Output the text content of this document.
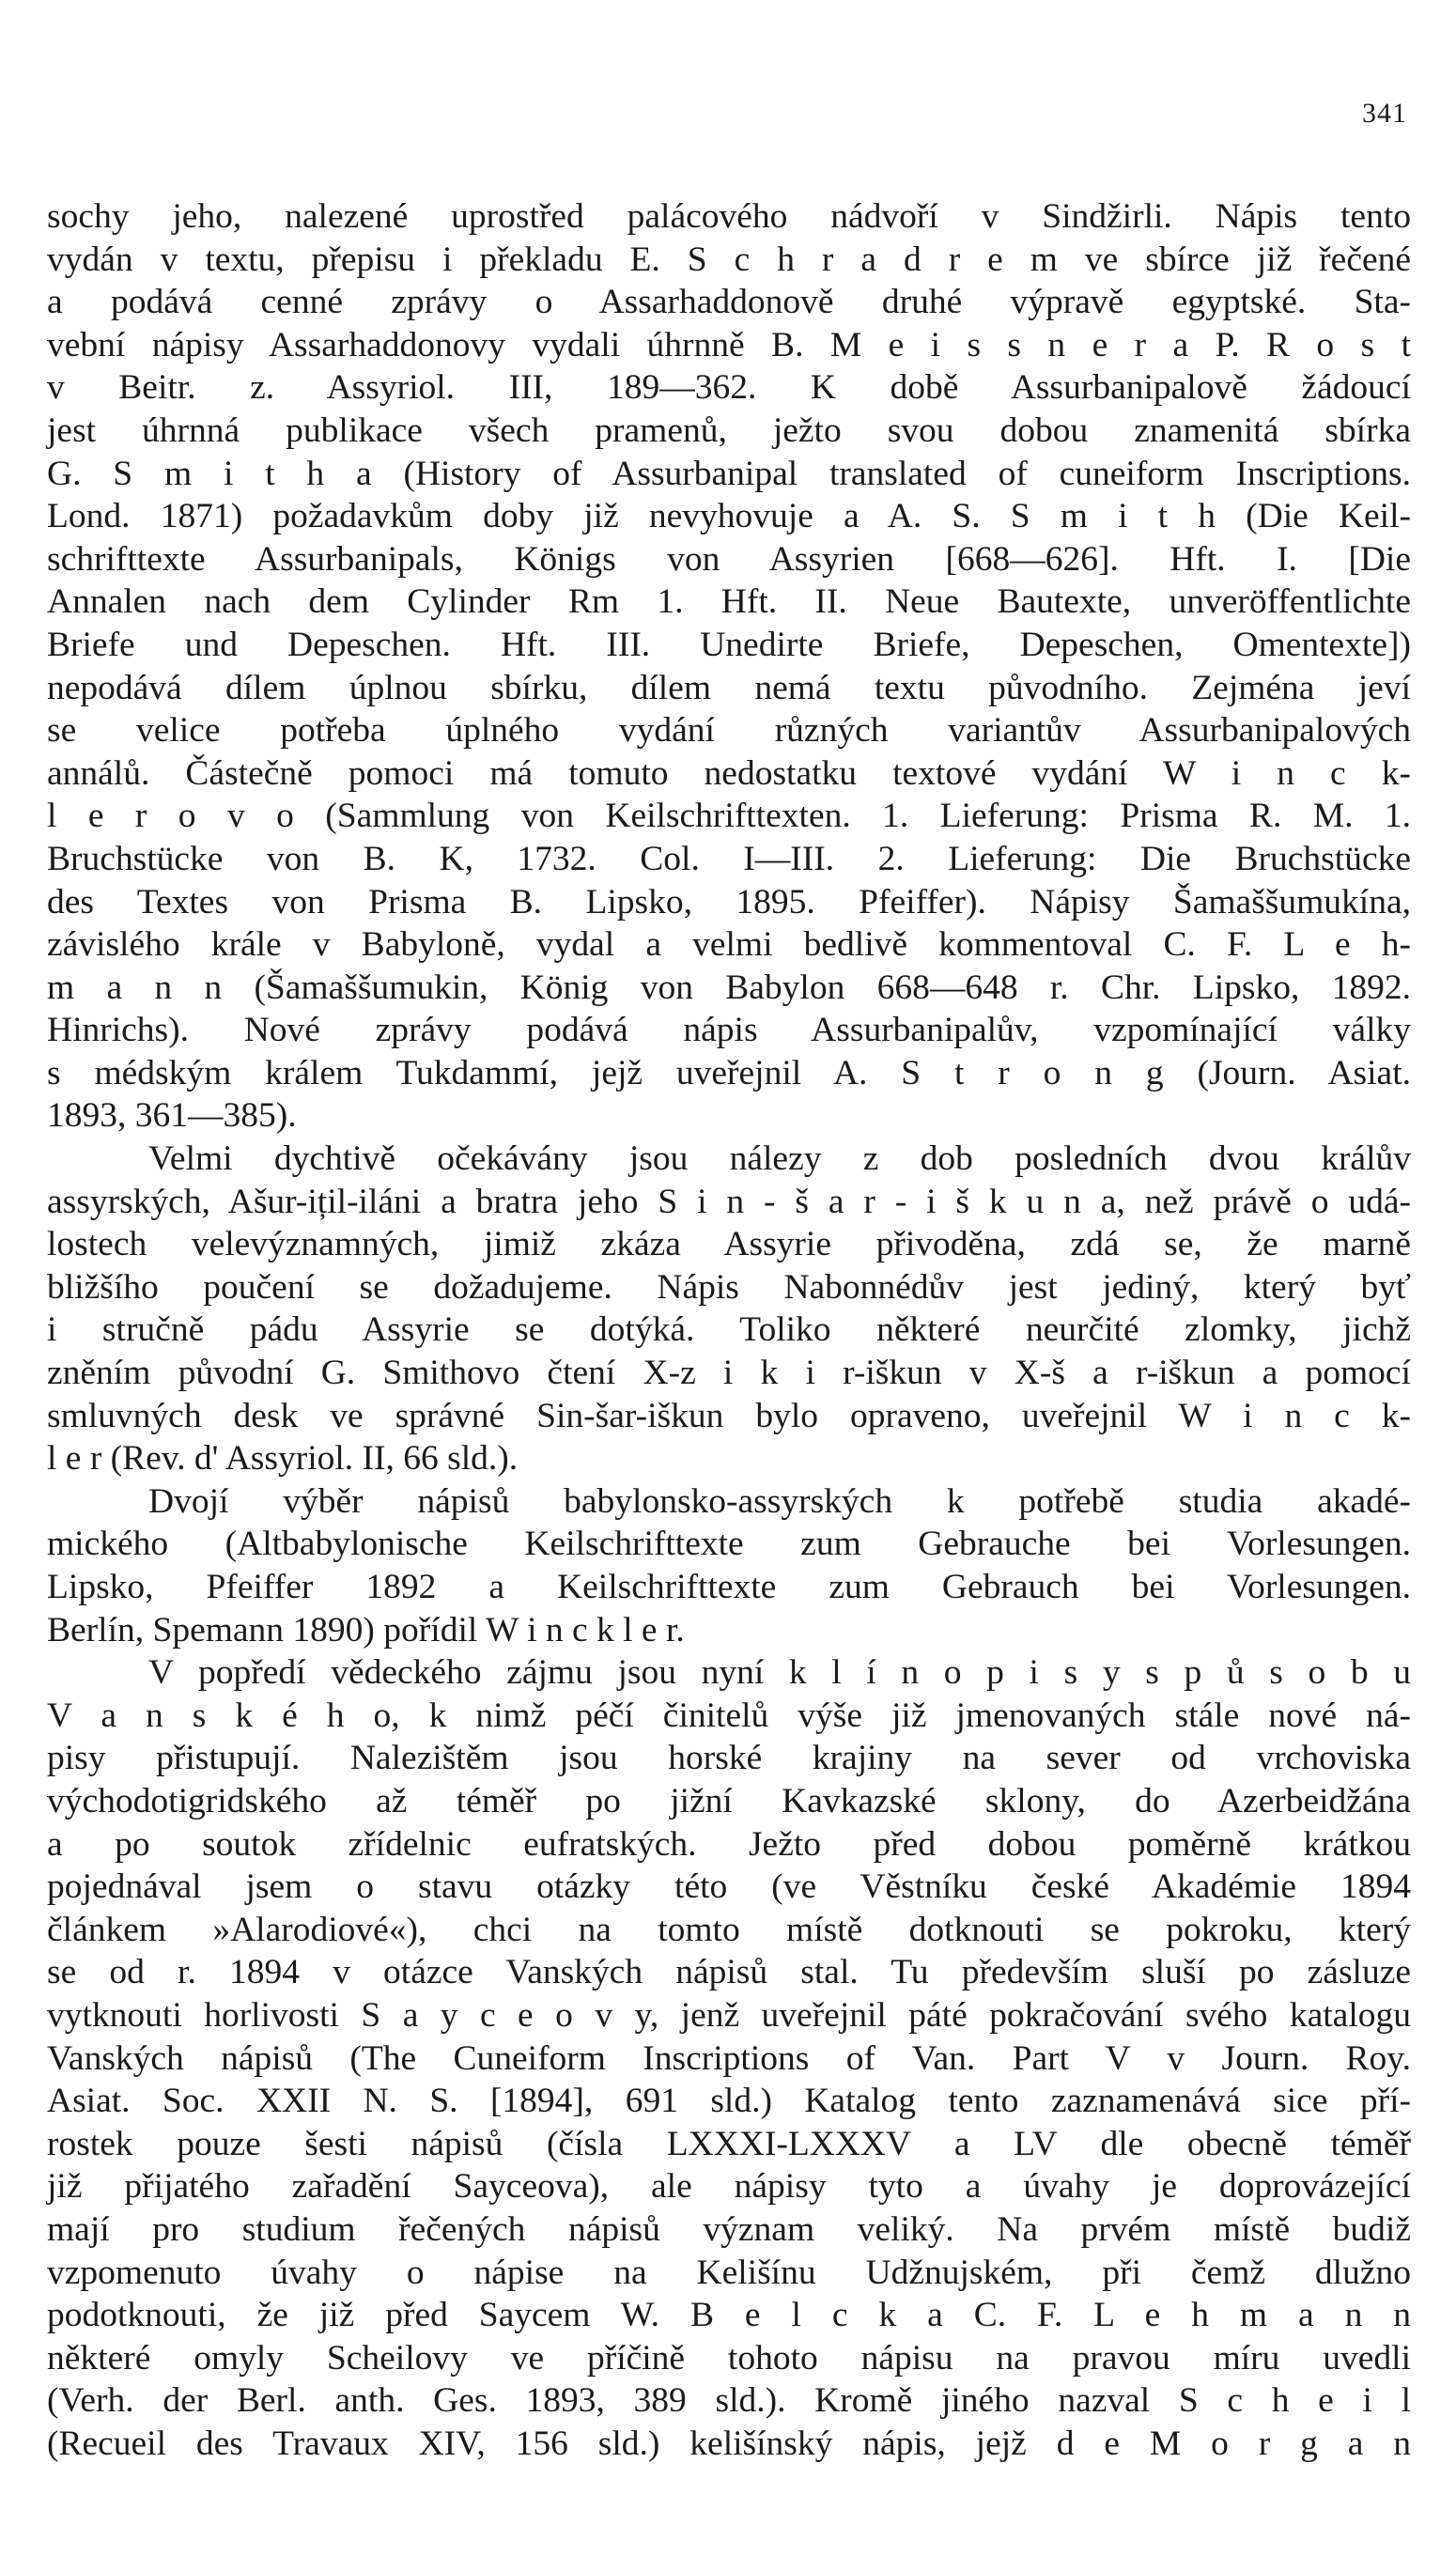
341
sochy jeho, nalezené uprostřed palácového nádvoří v Sindžirli. Nápis tento
vydán v textu, přepisu i překladu E. S c h r a d r e m ve sbírce již řečené
a podává cenné zprávy o Assarhaddonově druhé výpravě egyptské. Sta-
vební nápisy Assarhaddonovy vydali úhrnně B. M e i s s n e r a P. R o s t
v Beitr. z. Assyriol. III, 189—362. K době Assurbanipalově žádoucí
jest úhrnná publikace všech pramenů, ježto svou dobou znamenitá sbírka
G. S m i t h a (History of Assurbanipal translated of cuneiform Inscriptions.
Lond. 1871) požadavkům doby již nevyhovuje a A. S. S m i t h (Die Keil-
schrifttexte Assurbanipals, Königs von Assyrien [668—626]. Hft. I. [Die
Annalen nach dem Cylinder Rm 1. Hft. II. Neue Bautexte, unveröffentlichte
Briefe und Depeschen. Hft. III. Unedirte Briefe, Depeschen, Omentexte])
nepodává dílem úplnou sbírku, dílem nemá textu původního. Zejména jeví
se velice potřeba úplného vydání různých variantův Assurbanipalových
annálů. Částečně pomoci má tomuto nedostatku textové vydání W i n c k-
l e r o v o (Sammlung von Keilschrifttexten. 1. Lieferung: Prisma R. M. 1.
Bruchstücke von B. K, 1732. Col. I—III. 2. Lieferung: Die Bruchstücke
des Textes von Prisma B. Lipsko, 1895. Pfeiffer). Nápisy Šamaššumukína,
závislého krále v Babyloně, vydal a velmi bedlivě kommentoval C. F. L e h-
m a n n (Šamaššumukin, König von Babylon 668—648 r. Chr. Lipsko, 1892.
Hinrichs). Nové zprávy podává nápis Assurbanipalův, vzpomínající války
s médským králem Tukdammí, jejž uveřejnil A. S t r o n g (Journ. Asiat.
1893, 361—385).
Velmi dychtivě očekávány jsou nálezy z dob posledních dvou králův
assyrských, Ašur-ițil-iláni a bratra jeho S i n - š a r - i š k u n a, než právě o udá-
lostech velevýznamných, jimiž zkáza Assyrie přivoděna, zdá se, že marně
bližšího poučení se dožadujeme. Nápis Nabonnédův jest jediný, který byť
i stručně pádu Assyrie se dotýká. Toliko některé neurčité zlomky, jichž
zněním původní G. Smithovo čtení X-z i k i r-iškun v X-š a r-iškun a pomocí
smluvných desk ve správné Sin-šar-iškun bylo opraveno, uveřejnil W i n c k-
l e r (Rev. d' Assyriol. II, 66 sld.).
Dvojí výběr nápisů babylonsko-assyrských k potřebě studia akadé-
mického (Altbabylonische Keilschrifttexte zum Gebrauche bei Vorlesungen.
Lipsko, Pfeiffer 1892 a Keilschrifttexte zum Gebrauch bei Vorlesungen.
Berlín, Spemann 1890) pořídil W i n c k l e r.
V popředí vědeckého zájmu jsou nyní k l í n o p i s y s p ů s o b u
V a n s k é h o, k nimž péčí činitelů výše již jmenovaných stále nové ná-
pisy přistupují. Nalezištěm jsou horské krajiny na sever od vrchoviska
východotigridského až téměř po jižní Kavkazské sklony, do Azerbeidžána
a po soutok zřídelnic eufratských. Ježto před dobou poměrně krátkou
pojednával jsem o stavu otázky této (ve Věstníku české Akadémie 1894
článkem »Alarodiové«), chci na tomto místě dotknouti se pokroku, který
se od r. 1894 v otázce Vanských nápisů stal. Tu především sluší po zásluze
vytknouti horlivosti S a y c e o v y, jenž uveřejnil páté pokračování svého katalogu
Vanských nápisů (The Cuneiform Inscriptions of Van. Part V v Journ. Roy.
Asiat. Soc. XXII N. S. [1894], 691 sld.) Katalog tento zaznamenává sice pří-
rostek pouze šesti nápisů (čísla LXXXI-LXXXV a LV dle obecně téměř
již přijatého zařadění Sayceova), ale nápisy tyto a úvahy je doprovázející
mají pro studium řečených nápisů význam veliký. Na prvém místě budiž
vzpomenuto úvahy o nápise na Kelišínu Udžnujském, při čemž dlužno
podotknouti, že již před Saycem W. B e l c k a C. F. L e h m a n n
některé omyly Scheilovy ve příčině tohoto nápisu na pravou míru uvedli
(Verh. der Berl. anth. Ges. 1893, 389 sld.). Kromě jiného nazval S c h e i l
(Recueil des Travaux XIV, 156 sld.) kelišínský nápis, jejž d e M o r g a n
